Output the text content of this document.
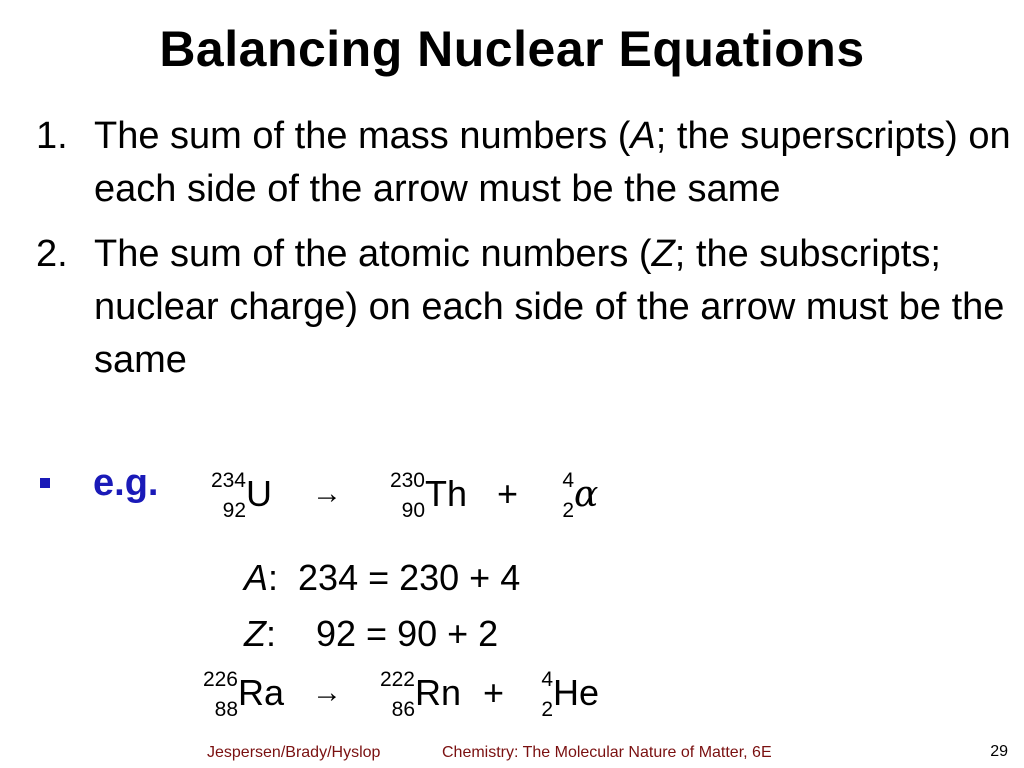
Balancing Nuclear Equations
1. The sum of the mass numbers (A; the superscripts) on each side of the arrow must be the same
2. The sum of the atomic numbers (Z; the subscripts; nuclear charge) on each side of the arrow must be the same
e.g. 234
92 U → 230
90 Th + 4
2 α
A:  234 = 230 + 4
Z:    92 = 90 + 2
226
88 Ra → 222
86 Rn + 4
2 He
Jespersen/Brady/Hyslop	Chemistry: The Molecular Nature of Matter, 6E	29
